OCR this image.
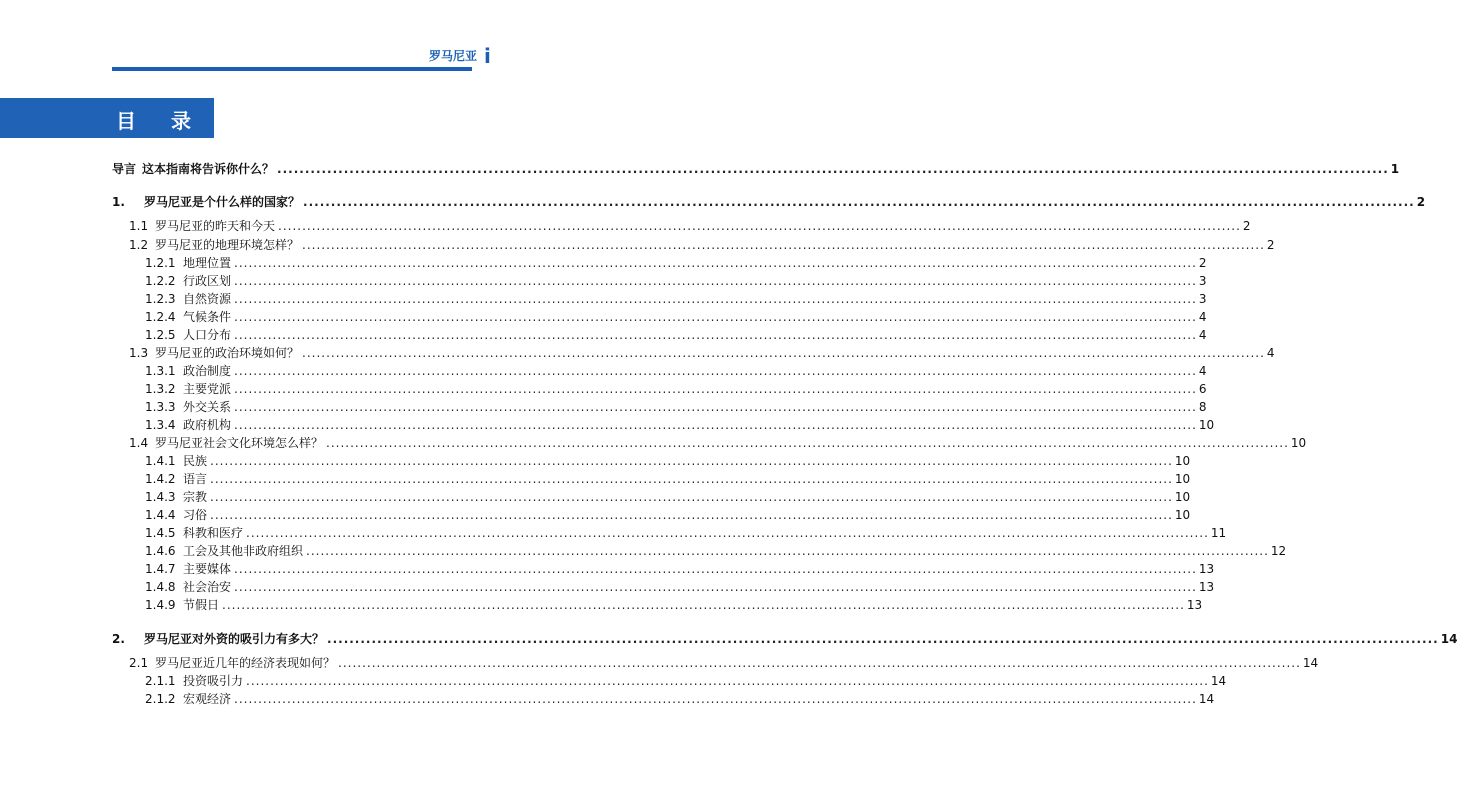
罗马尼亚 i
目 录
导言 这本指南将告诉你什么？ ........................................................................................................................................................................................................ 1
1.	罗马尼亚是个什么样的国家？ ........................................................................................................................................................................................................ 2
1.1 罗马尼亚的昨天和今天 ........................................................................................................................................................................................................ 2
1.2 罗马尼亚的地理环境怎样？ ........................................................................................................................................................................................................ 2
1.2.1 地理位置 ........................................................................................................................................................................................................ 2
1.2.2 行政区划 ........................................................................................................................................................................................................ 3
1.2.3 自然资源 ........................................................................................................................................................................................................ 3
1.2.4 气候条件 ........................................................................................................................................................................................................ 4
1.2.5 人口分布 ........................................................................................................................................................................................................ 4
1.3 罗马尼亚的政治环境如何？ ........................................................................................................................................................................................................ 4
1.3.1 政治制度 ........................................................................................................................................................................................................ 4
1.3.2 主要党派 ........................................................................................................................................................................................................ 6
1.3.3 外交关系 ........................................................................................................................................................................................................ 8
1.3.4 政府机构 ........................................................................................................................................................................................................ 10
1.4 罗马尼亚社会文化环境怎么样？ ........................................................................................................................................................................................................ 10
1.4.1 民族 ........................................................................................................................................................................................................ 10
1.4.2 语言 ........................................................................................................................................................................................................ 10
1.4.3 宗教 ........................................................................................................................................................................................................ 10
1.4.4 习俗 ........................................................................................................................................................................................................ 10
1.4.5 科教和医疗 ........................................................................................................................................................................................................ 11
1.4.6 工会及其他非政府组织 ........................................................................................................................................................................................................ 12
1.4.7 主要媒体 ........................................................................................................................................................................................................ 13
1.4.8 社会治安 ........................................................................................................................................................................................................ 13
1.4.9 节假日 ........................................................................................................................................................................................................ 13
2.	罗马尼亚对外资的吸引力有多大？ ........................................................................................................................................................................................................ 14
2.1 罗马尼亚近几年的经济表现如何？ ........................................................................................................................................................................................................ 14
2.1.1 投资吸引力 ........................................................................................................................................................................................................ 14
2.1.2 宏观经济 ........................................................................................................................................................................................................ 14
